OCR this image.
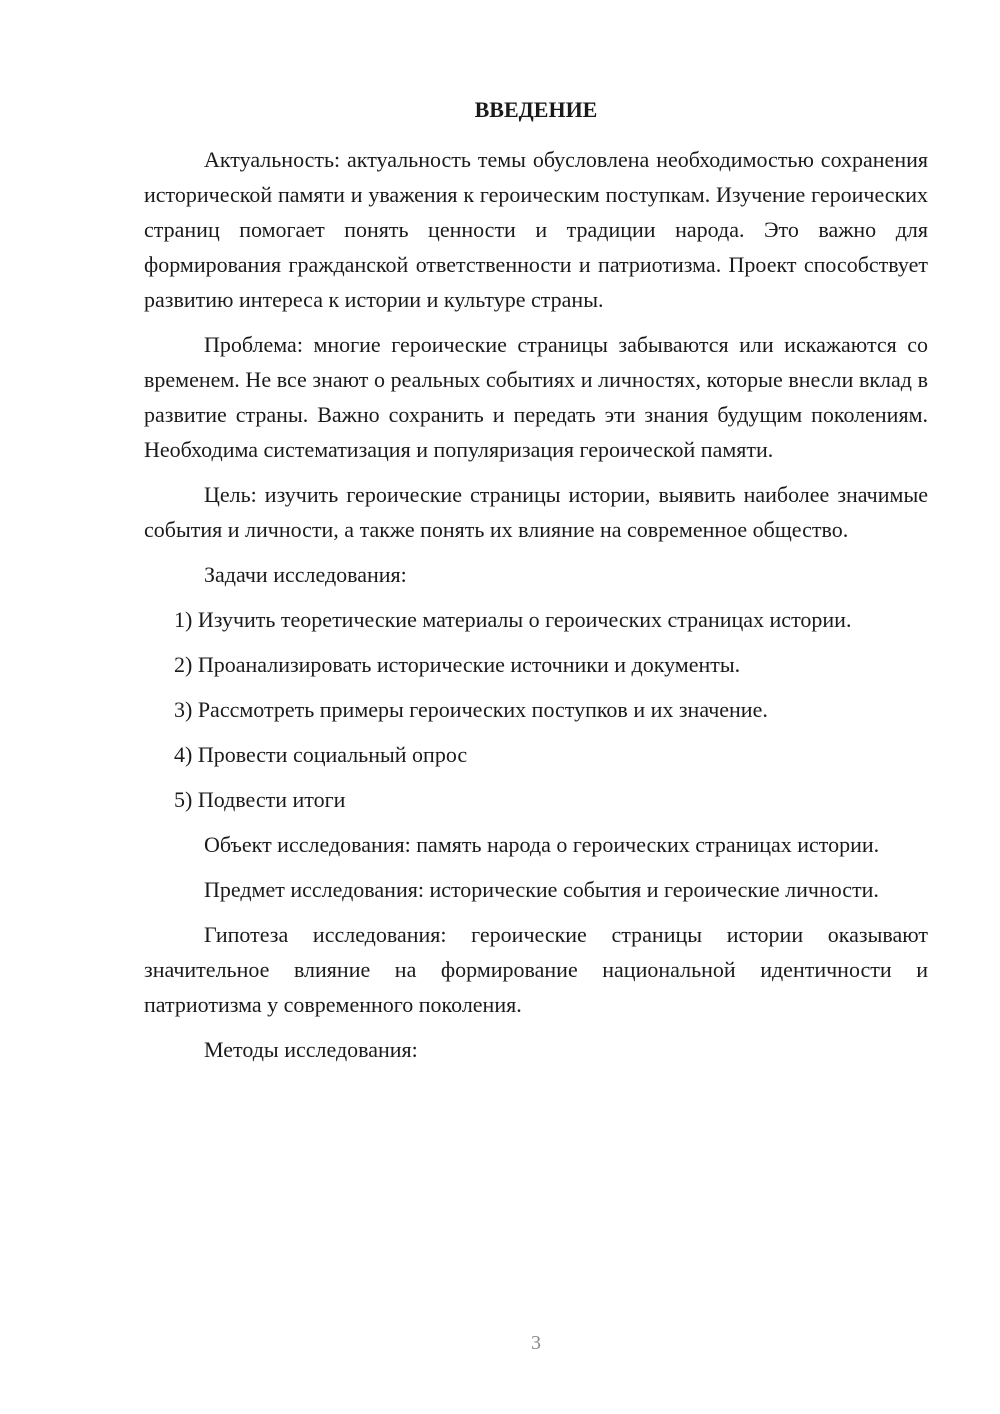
ВВЕДЕНИЕ

Актуальность: актуальность темы обусловлена необходимостью сохранения исторической памяти и уважения к героическим поступкам. Изучение героических страниц помогает понять ценности и традиции народа. Это важно для формирования гражданской ответственности и патриотизма. Проект способствует развитию интереса к истории и культуре страны.

Проблема: многие героические страницы забываются или искажаются со временем. Не все знают о реальных событиях и личностях, которые внесли вклад в развитие страны. Важно сохранить и передать эти знания будущим поколениям. Необходима систематизация и популяризация героической памяти.

Цель: изучить героические страницы истории, выявить наиболее значимые события и личности, а также понять их влияние на современное общество.

Задачи исследования:

1) Изучить теоретические материалы о героических страницах истории.

2) Проанализировать исторические источники и документы.

3) Рассмотреть примеры героических поступков и их значение.

4) Провести социальный опрос

5) Подвести итоги

Объект исследования: память народа о героических страницах истории.

Предмет исследования: исторические события и героические личности.

Гипотеза исследования: героические страницы истории оказывают значительное влияние на формирование национальной идентичности и патриотизма у современного поколения.

Методы исследования:

3
